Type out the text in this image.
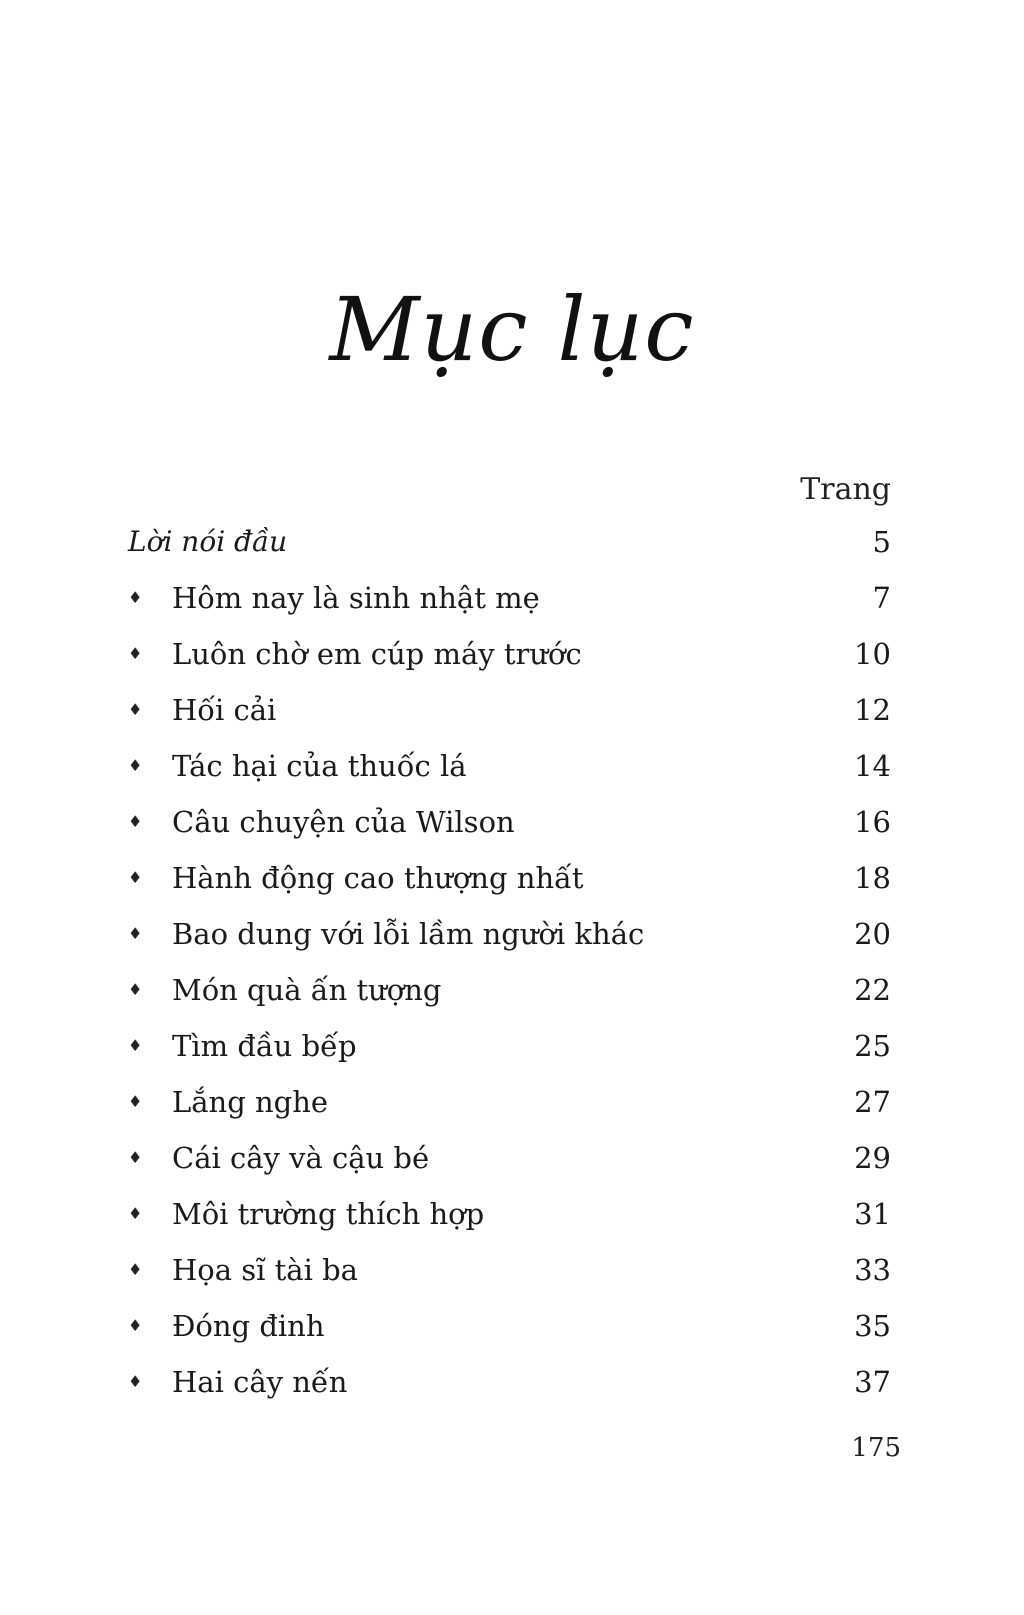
Mục lục
Trang
Lời nói đầu	5
♦ Hôm nay là sinh nhật mẹ	7
♦ Luôn chờ em cúp máy trước	10
♦ Hối cải	12
♦ Tác hại của thuốc lá	14
♦ Câu chuyện của Wilson	16
♦ Hành động cao thượng nhất	18
♦ Bao dung với lỗi lầm người khác	20
♦ Món quà ấn tượng	22
♦ Tìm đầu bếp	25
♦ Lắng nghe	27
♦ Cái cây và cậu bé	29
♦ Môi trường thích hợp	31
♦ Họa sĩ tài ba	33
♦ Đóng đinh	35
♦ Hai cây nến	37
175
